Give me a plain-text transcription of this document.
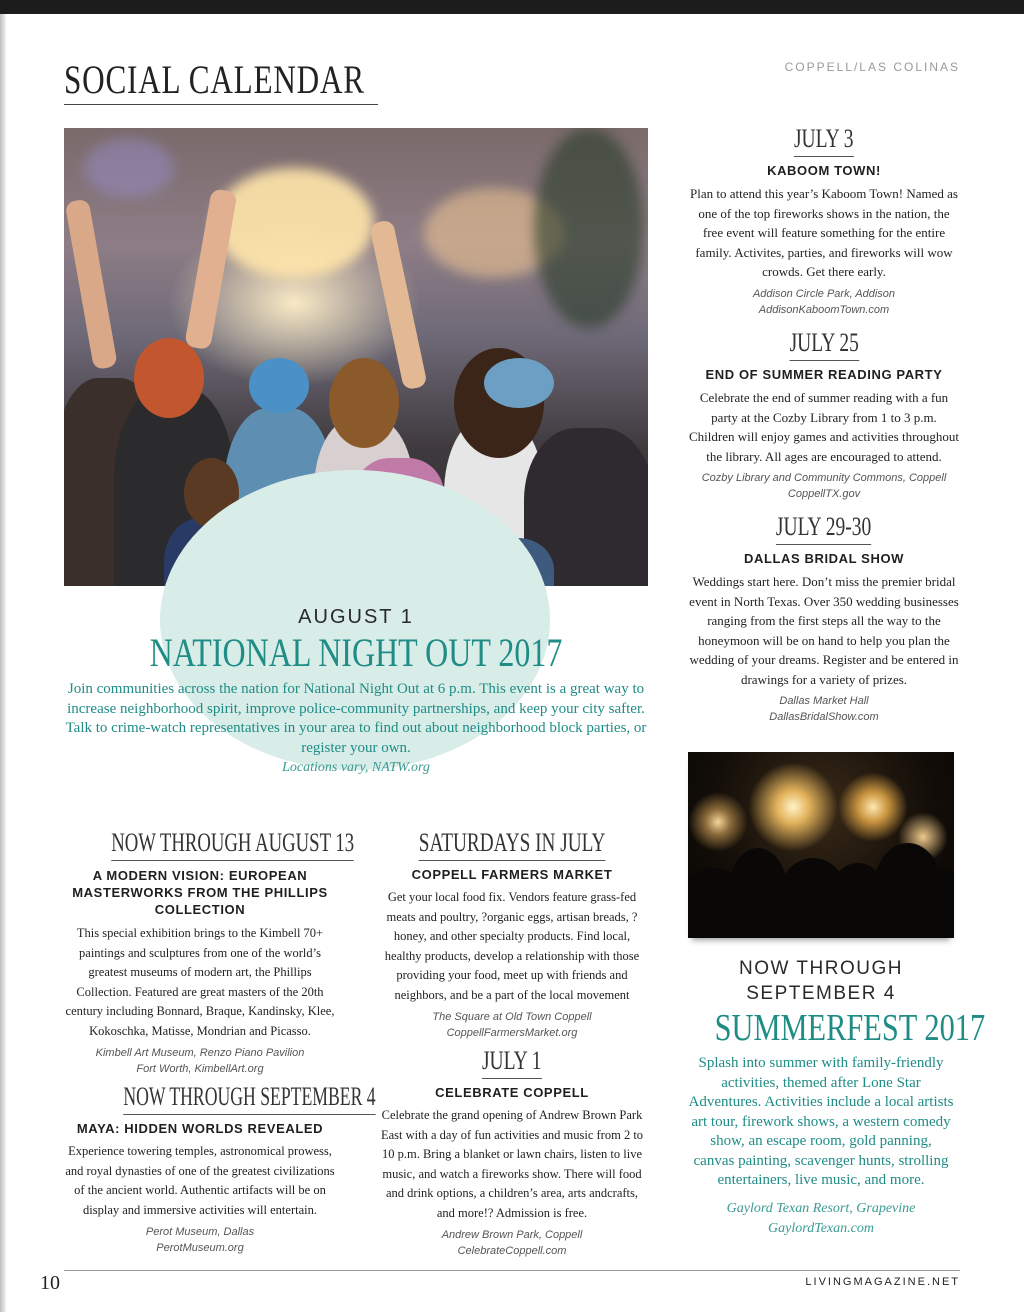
SOCIAL CALENDAR	COPPELL/LAS COLINAS
AUGUST 1
NATIONAL NIGHT OUT 2017

Join communities across the nation for National Night Out at 6 p.m. This event is a great way to increase neighborhood spirit, improve police-community partnerships, and keep your city safter. Talk to crime-watch representatives in your area to find out about neighborhood block parties, or register your own.

Locations vary, NATW.org
JULY 3
KABOOM TOWN!

Plan to attend this year’s Kaboom Town! Named as one of the top fireworks shows in the nation, the free event will feature something for the entire family. Activites, parties, and fireworks will wow crowds. Get there early.

Addison Circle Park, Addison
AddisonKaboomTown.com
JULY 25
END OF SUMMER READING PARTY

Celebrate the end of summer reading with a fun party at the Cozby Library from 1 to 3 p.m. Children will enjoy games and activities throughout the library. All ages are encouraged to attend.

Cozby Library and Community Commons, Coppell
CoppellTX.gov
JULY 29-30
DALLAS BRIDAL SHOW

Weddings start here. Don’t miss the premier bridal event in North Texas. Over 350 wedding businesses ranging from the first steps all the way to the honeymoon will be on hand to help you plan the wedding of your dreams. Register and be entered in drawings for a variety of prizes.

Dallas Market Hall
DallasBridalShow.com
NOW THROUGH SEPTEMBER 4
SUMMERFEST 2017

Splash into summer with family-friendly activities, themed after Lone Star Adventures. Activities include a local artists art tour, firework shows, a western comedy show, an escape room, gold panning, canvas painting, scavenger hunts, strolling entertainers, live music, and more.

Gaylord Texan Resort, Grapevine
GaylordTexan.com
NOW THROUGH AUGUST 13
A MODERN VISION: EUROPEAN MASTERWORKS FROM THE PHILLIPS COLLECTION

This special exhibition brings to the Kimbell 70+ paintings and sculptures from one of the world’s greatest museums of modern art, the Phillips Collection. Featured are great masters of the 20th century including Bonnard, Braque, Kandinsky, Klee, Kokoschka, Matisse, Mondrian and Picasso.

Kimbell Art Museum, Renzo Piano Pavilion
Fort Worth, KimbellArt.org
NOW THROUGH SEPTEMBER 4
MAYA: HIDDEN WORLDS REVEALED

Experience towering temples, astronomical prowess, and royal dynasties of one of the greatest civilizations of the ancient world. Authentic artifacts will be on display and immersive activities will entertain.

Perot Museum, Dallas
PerotMuseum.org
SATURDAYS IN JULY
COPPELL FARMERS MARKET

Get your local food fix. Vendors feature grass-fed meats and poultry, ?organic eggs, artisan breads, ?honey, and other specialty products. Find local, healthy products, develop a relationship with those providing your food, meet up with friends and neighbors, and be a part of the local movement

The Square at Old Town Coppell
CoppellFarmersMarket.org
JULY 1
CELEBRATE COPPELL

Celebrate the grand opening of Andrew Brown Park East with a day of fun activities and music from 2 to 10 p.m. Bring a blanket or lawn chairs, listen to live music, and watch a fireworks show. There will food and drink options, a children’s area, arts andcrafts, and more!? Admission is free.

Andrew Brown Park, Coppell
CelebrateCoppell.com
10	LIVINGMAGAZINE.NET
